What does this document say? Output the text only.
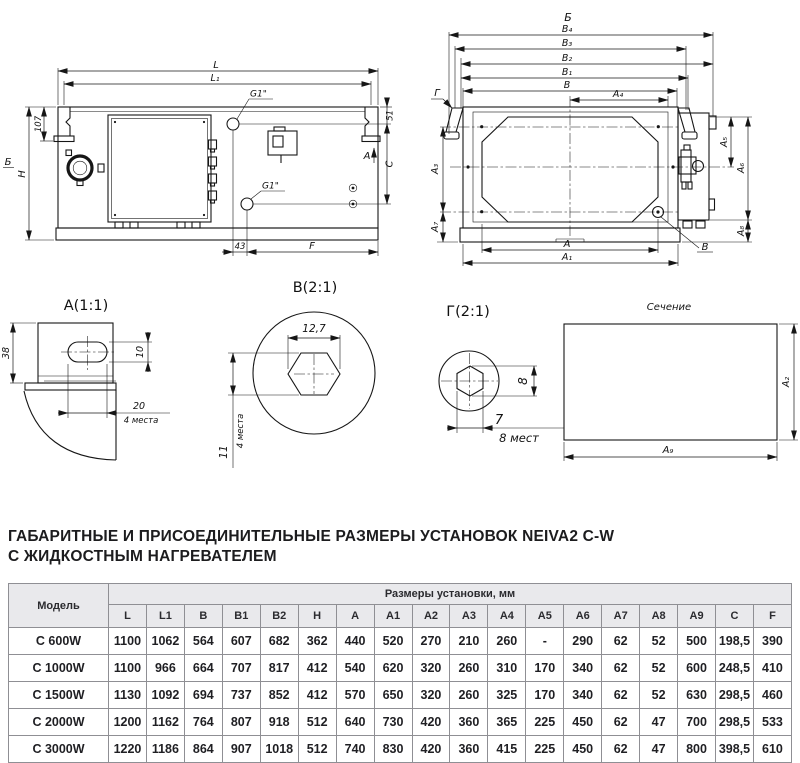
L
L₁
H
Б
107
51
C
A
G1"
G1"
43	F
Б
B₄
B₃
B₂
B₁
B
A₄
Г
A₃
A₇
A₅
A₆
A₈
A
A₁
В
A(1:1)
38	10
20
4 места
B(2:1)
12,7
11
4 места
Г(2:1)
8
7
8 мест
Сечение
A₂
A₉
ГАБАРИТНЫЕ И ПРИСОЕДИНИТЕЛЬНЫЕ РАЗМЕРЫ УСТАНОВОК NEIVA2 C-W
С ЖИДКОСТНЫМ НАГРЕВАТЕЛЕМ
Модель	Размеры установки, мм																	
	L	L1	B	B1	B2	H	A	A1	A2	A3	A4	A5	A6	A7	A8	A9	C	F
С 600W	1100	1062	564	607	682	362	440	520	270	210	260	-	290	62	52	500	198,5	390
С 1000W	1100	966	664	707	817	412	540	620	320	260	310	170	340	62	52	600	248,5	410
С 1500W	1130	1092	694	737	852	412	570	650	320	260	325	170	340	62	52	630	298,5	460
С 2000W	1200	1162	764	807	918	512	640	730	420	360	365	225	450	62	47	700	298,5	533
С 3000W	1220	1186	864	907	1018	512	740	830	420	360	415	225	450	62	47	800	398,5	610
